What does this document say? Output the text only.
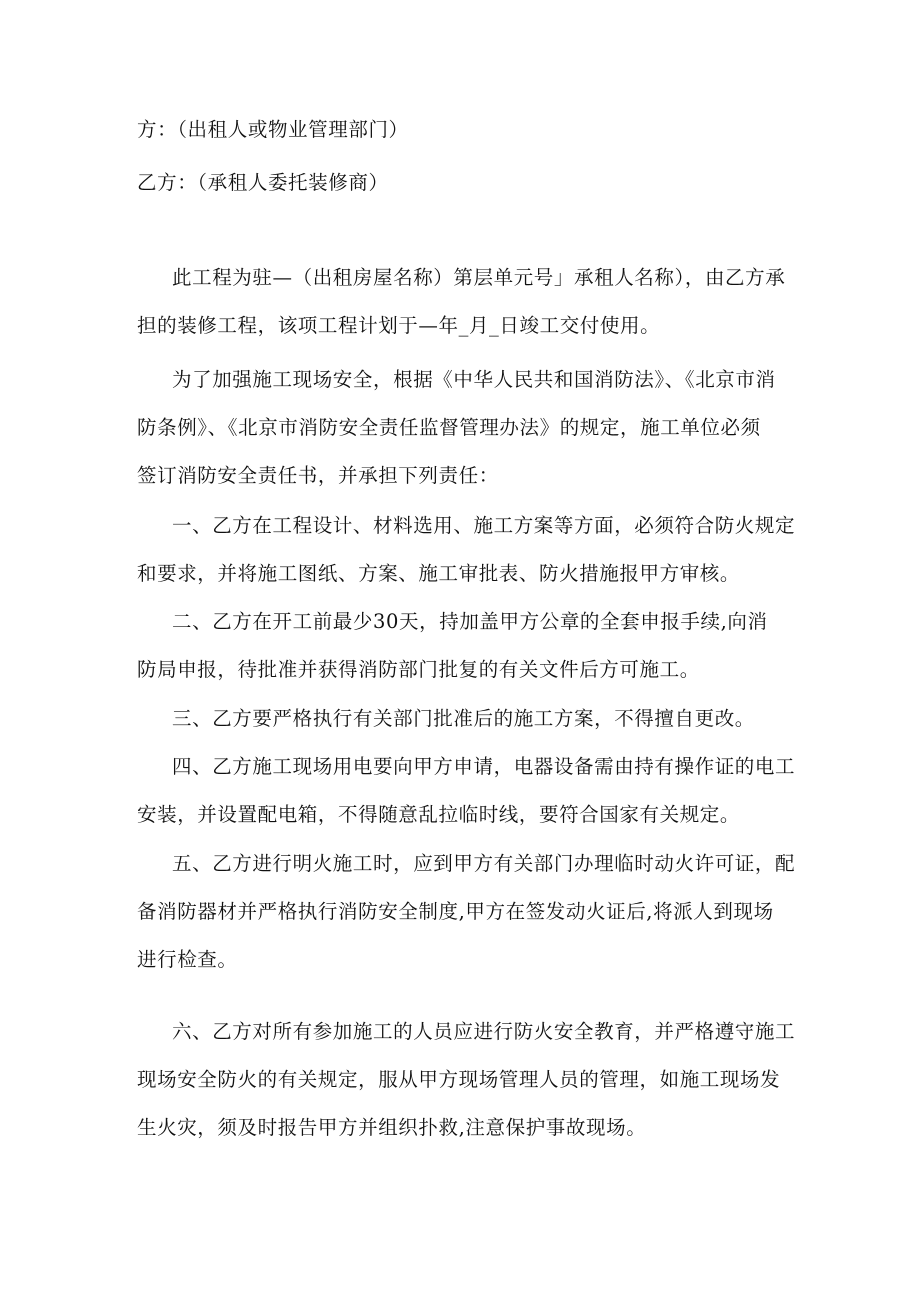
方：（出租人或物业管理部门）
乙方：（承租人委托装修商）
此工程为驻—（出租房屋名称）第层单元号」承租人名称），由乙方承
担的装修工程，该项工程计划于—年_月_日竣工交付使用。
为了加强施工现场安全，根据《中华人民共和国消防法》、《北京市消
防条例》、《北京市消防安全责任监督管理办法》的规定，施工单位必须
签订消防安全责任书，并承担下列责任：
一、乙方在工程设计、材料选用、施工方案等方面，必须符合防火规定
和要求，并将施工图纸、方案、施工审批表、防火措施报甲方审核。
二、乙方在开工前最少30天，持加盖甲方公章的全套申报手续,向消
防局申报，待批准并获得消防部门批复的有关文件后方可施工。
三、乙方要严格执行有关部门批准后的施工方案，不得擅自更改。
四、乙方施工现场用电要向甲方申请，电器设备需由持有操作证的电工
安装，并设置配电箱，不得随意乱拉临时线，要符合国家有关规定。
五、乙方进行明火施工时，应到甲方有关部门办理临时动火许可证，配
备消防器材并严格执行消防安全制度,甲方在签发动火证后,将派人到现场
进行检查。
六、乙方对所有参加施工的人员应进行防火安全教育，并严格遵守施工
现场安全防火的有关规定，服从甲方现场管理人员的管理，如施工现场发
生火灾，须及时报告甲方并组织扑救,注意保护事故现场。
